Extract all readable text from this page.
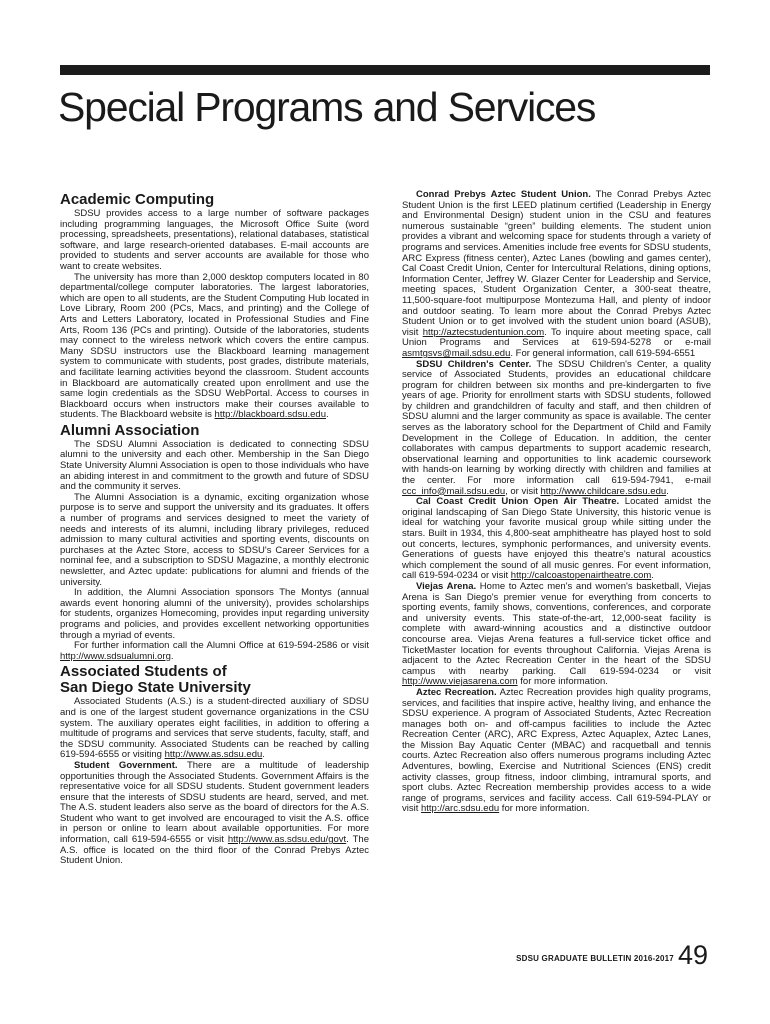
Special Programs and Services
Academic Computing

SDSU provides access to a large number of software packages including programming languages, the Microsoft Office Suite (word processing, spreadsheets, presentations), relational databases, statistical software, and large research-oriented databases. E-mail accounts are provided to students and server accounts are available for those who want to create websites.

The university has more than 2,000 desktop computers located in 80 departmental/college computer laboratories. The largest laboratories, which are open to all students, are the Student Computing Hub located in Love Library, Room 200 (PCs, Macs, and printing) and the College of Arts and Letters Laboratory, located in Professional Studies and Fine Arts, Room 136 (PCs and printing). Outside of the laboratories, students may connect to the wireless network which covers the entire campus. Many SDSU instructors use the Blackboard learning management system to communicate with students, post grades, distribute materials, and facilitate learning activities beyond the classroom. Student accounts in Blackboard are automatically created upon enrollment and use the same login credentials as the SDSU WebPortal. Access to courses in Blackboard occurs when instructors make their courses available to students. The Blackboard website is http://blackboard.sdsu.edu.

Alumni Association

The SDSU Alumni Association is dedicated to connecting SDSU alumni to the university and each other. Membership in the San Diego State University Alumni Association is open to those individuals who have an abiding interest in and commitment to the growth and future of SDSU and the community it serves.

The Alumni Association is a dynamic, exciting organization whose purpose is to serve and support the university and its graduates. It offers a number of programs and services designed to meet the variety of needs and interests of its alumni, including library privileges, reduced admission to many cultural activities and sporting events, discounts on purchases at the Aztec Store, access to SDSU's Career Services for a nominal fee, and a subscription to SDSU Magazine, a monthly electronic newsletter, and Aztec update: publications for alumni and friends of the university.

In addition, the Alumni Association sponsors The Montys (annual awards event honoring alumni of the university), provides scholarships for students, organizes Homecoming, provides input regarding university programs and policies, and provides excellent networking opportunities through a myriad of events.

For further information call the Alumni Office at 619-594-2586 or visit http://www.sdsualumni.org.

Associated Students of
San Diego State University

Associated Students (A.S.) is a student-directed auxiliary of SDSU and is one of the largest student governance organizations in the CSU system. The auxiliary operates eight facilities, in addition to offering a multitude of programs and services that serve students, faculty, staff, and the SDSU community. Associated Students can be reached by calling 619-594-6555 or visiting http://www.as.sdsu.edu.

Student Government. There are a multitude of leadership opportunities through the Associated Students. Government Affairs is the representative voice for all SDSU students. Student government leaders ensure that the interests of SDSU students are heard, served, and met. The A.S. student leaders also serve as the board of directors for the A.S. Student who want to get involved are encouraged to visit the A.S. office in person or online to learn about available opportunities. For more information, call 619-594-6555 or visit http://www.as.sdsu.edu/govt. The A.S. office is located on the third floor of the Conrad Prebys Aztec Student Union.

Conrad Prebys Aztec Student Union. The Conrad Prebys Aztec Student Union is the first LEED platinum certified (Leadership in Energy and Environmental Design) student union in the CSU and features numerous sustainable “green” building elements. The student union provides a vibrant and welcoming space for students through a variety of programs and services. Amenities include free events for SDSU students, ARC Express (fitness center), Aztec Lanes (bowling and games center), Cal Coast Credit Union, Center for Intercultural Relations, dining options, Information Center, Jeffrey W. Glazer Center for Leadership and Service, meeting spaces, Student Organization Center, a 300-seat theatre, 11,500-square-foot multipurpose Montezuma Hall, and plenty of indoor and outdoor seating. To learn more about the Conrad Prebys Aztec Student Union or to get involved with the student union board (ASUB), visit http://aztecstudentunion.com. To inquire about meeting space, call Union Programs and Services at 619-594-5278 or e-mail asmtgsvs@mail.sdsu.edu. For general information, call 619-594-6551

SDSU Children's Center. The SDSU Children's Center, a quality service of Associated Students, provides an educational childcare program for children between six months and pre-kindergarten to five years of age. Priority for enrollment starts with SDSU students, followed by children and grandchildren of faculty and staff, and then children of SDSU alumni and the larger community as space is available. The center serves as the laboratory school for the Department of Child and Family Development in the College of Education. In addition, the center collaborates with campus departments to support academic research, observational learning and opportunities to link academic coursework with hands-on learning by working directly with children and families at the center. For more information call 619-594-7941, e-mail ccc_info@mail.sdsu.edu, or visit http://www.childcare.sdsu.edu.

Cal Coast Credit Union Open Air Theatre. Located amidst the original landscaping of San Diego State University, this historic venue is ideal for watching your favorite musical group while sitting under the stars. Built in 1934, this 4,800-seat amphitheatre has played host to sold out concerts, lectures, symphonic performances, and university events. Generations of guests have enjoyed this theatre's natural acoustics which complement the sound of all music genres. For event information, call 619-594-0234 or visit http://calcoastopenairtheatre.com.

Viejas Arena. Home to Aztec men's and women's basketball, Viejas Arena is San Diego's premier venue for everything from concerts to sporting events, family shows, conventions, conferences, and corporate and university events. This state-of-the-art, 12,000-seat facility is complete with award-winning acoustics and a distinctive outdoor concourse area. Viejas Arena features a full-service ticket office and TicketMaster location for events throughout California. Viejas Arena is adjacent to the Aztec Recreation Center in the heart of the SDSU campus with nearby parking. Call 619-594-0234 or visit http://www.viejasarena.com for more information.

Aztec Recreation. Aztec Recreation provides high quality programs, services, and facilities that inspire active, healthy living, and enhance the SDSU experience. A program of Associated Students, Aztec Recreation manages both on- and off-campus facilities to include the Aztec Recreation Center (ARC), ARC Express, Aztec Aquaplex, Aztec Lanes, the Mission Bay Aquatic Center (MBAC) and racquetball and tennis courts. Aztec Recreation also offers numerous programs including Aztec Adventures, bowling, Exercise and Nutritional Sciences (ENS) credit activity classes, group fitness, indoor climbing, intramural sports, and sport clubs. Aztec Recreation membership provides access to a wide range of programs, services and facility access. Call 619-594-PLAY or visit http://arc.sdsu.edu for more information.

SDSU GRADUATE BULLETIN 2016-2017 49
